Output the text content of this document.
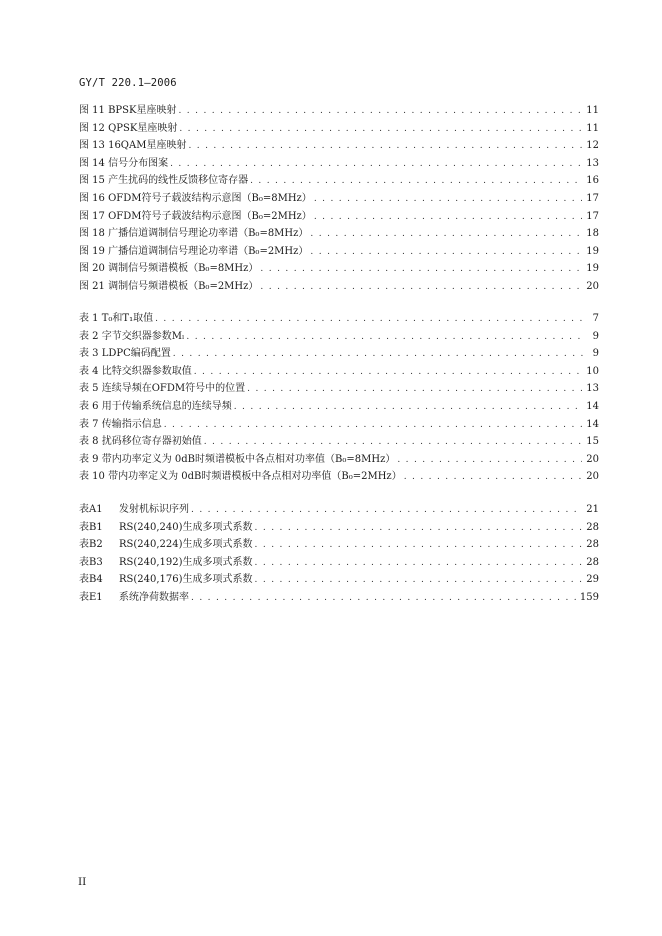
GY/T 220.1—2006
图 11 BPSK星座映射 . . .	11
图 12 QPSK星座映射 . . .	11
图 13 16QAM星座映射 . . .	12
图 14 信号分布图案 . . .	13
图 15 产生扰码的线性反馈移位寄存器 . . .	16
图 16 OFDM符号子载波结构示意图（B₀=8MHz） . . .	17
图 17 OFDM符号子载波结构示意图（B₀=2MHz） . . .	17
图 18 广播信道调制信号理论功率谱（B₀=8MHz） . . .	18
图 19 广播信道调制信号理论功率谱（B₀=2MHz） . . .	19
图 20 调制信号频谱模板（B₀=8MHz） . . .	19
图 21 调制信号频谱模板（B₀=2MHz） . . .	20
表 1 T₀和T₁取值 . . .	7
表 2 字节交织器参数Mₗ . . .	9
表 3 LDPC编码配置 . . .	9
表 4 比特交织器参数取值 . . .	10
表 5 连续导频在OFDM符号中的位置 . . .	13
表 6 用于传输系统信息的连续导频 . . .	14
表 7 传输指示信息 . . .	14
表 8 扰码移位寄存器初始值 . . .	15
表 9 带内功率定义为 0dB时频谱模板中各点相对功率值（B₀=8MHz） . . .	20
表 10 带内功率定义为 0dB时频谱模板中各点相对功率值（B₀=2MHz） . . .	20
表A1	发射机标识序列 . . .	21
表B1	RS(240,240)生成多项式系数 . . .	28
表B2	RS(240,224)生成多项式系数 . . .	28
表B3	RS(240,192)生成多项式系数 . . .	28
表B4	RS(240,176)生成多项式系数 . . .	29
表E1	系统净荷数据率 . . .	159
II
